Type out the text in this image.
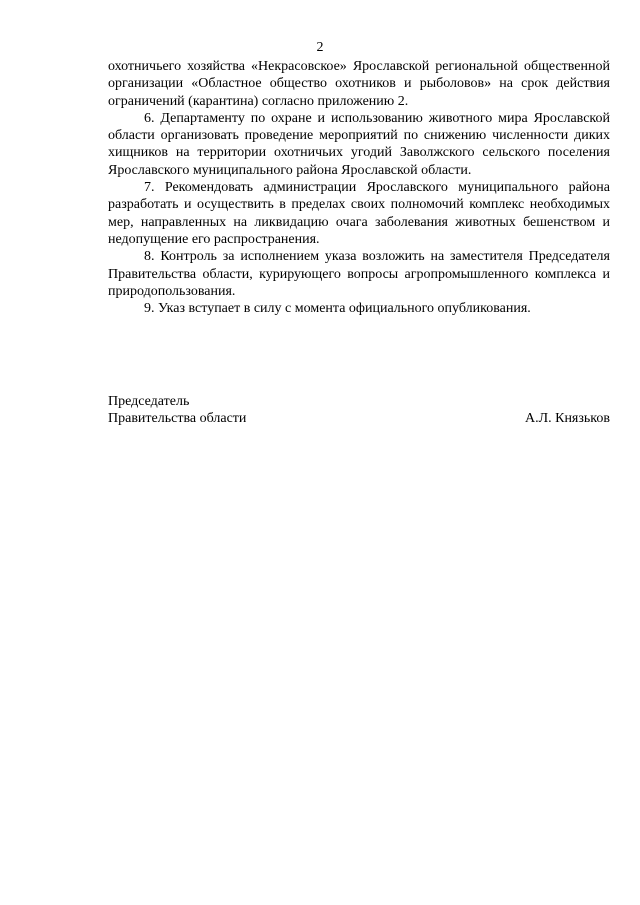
2

охотничьего хозяйства «Некрасовское» Ярославской региональной общественной организации «Областное общество охотников и рыболовов» на срок действия ограничений (карантина) согласно приложению 2.

6. Департаменту по охране и использованию животного мира Ярославской области организовать проведение мероприятий по снижению численности диких хищников на территории охотничьих угодий Заволжского сельского поселения Ярославского муниципального района Ярославской области.

7. Рекомендовать администрации Ярославского муниципального района разработать и осуществить в пределах своих полномочий комплекс необходимых мер, направленных на ликвидацию очага заболевания животных бешенством и недопущение его распространения.

8. Контроль за исполнением указа возложить на заместителя Председателя Правительства области, курирующего вопросы агропромышленного комплекса и природопользования.

9. Указ вступает в силу с момента официального опубликования.

Председатель
Правительства области	А.Л. Князьков
